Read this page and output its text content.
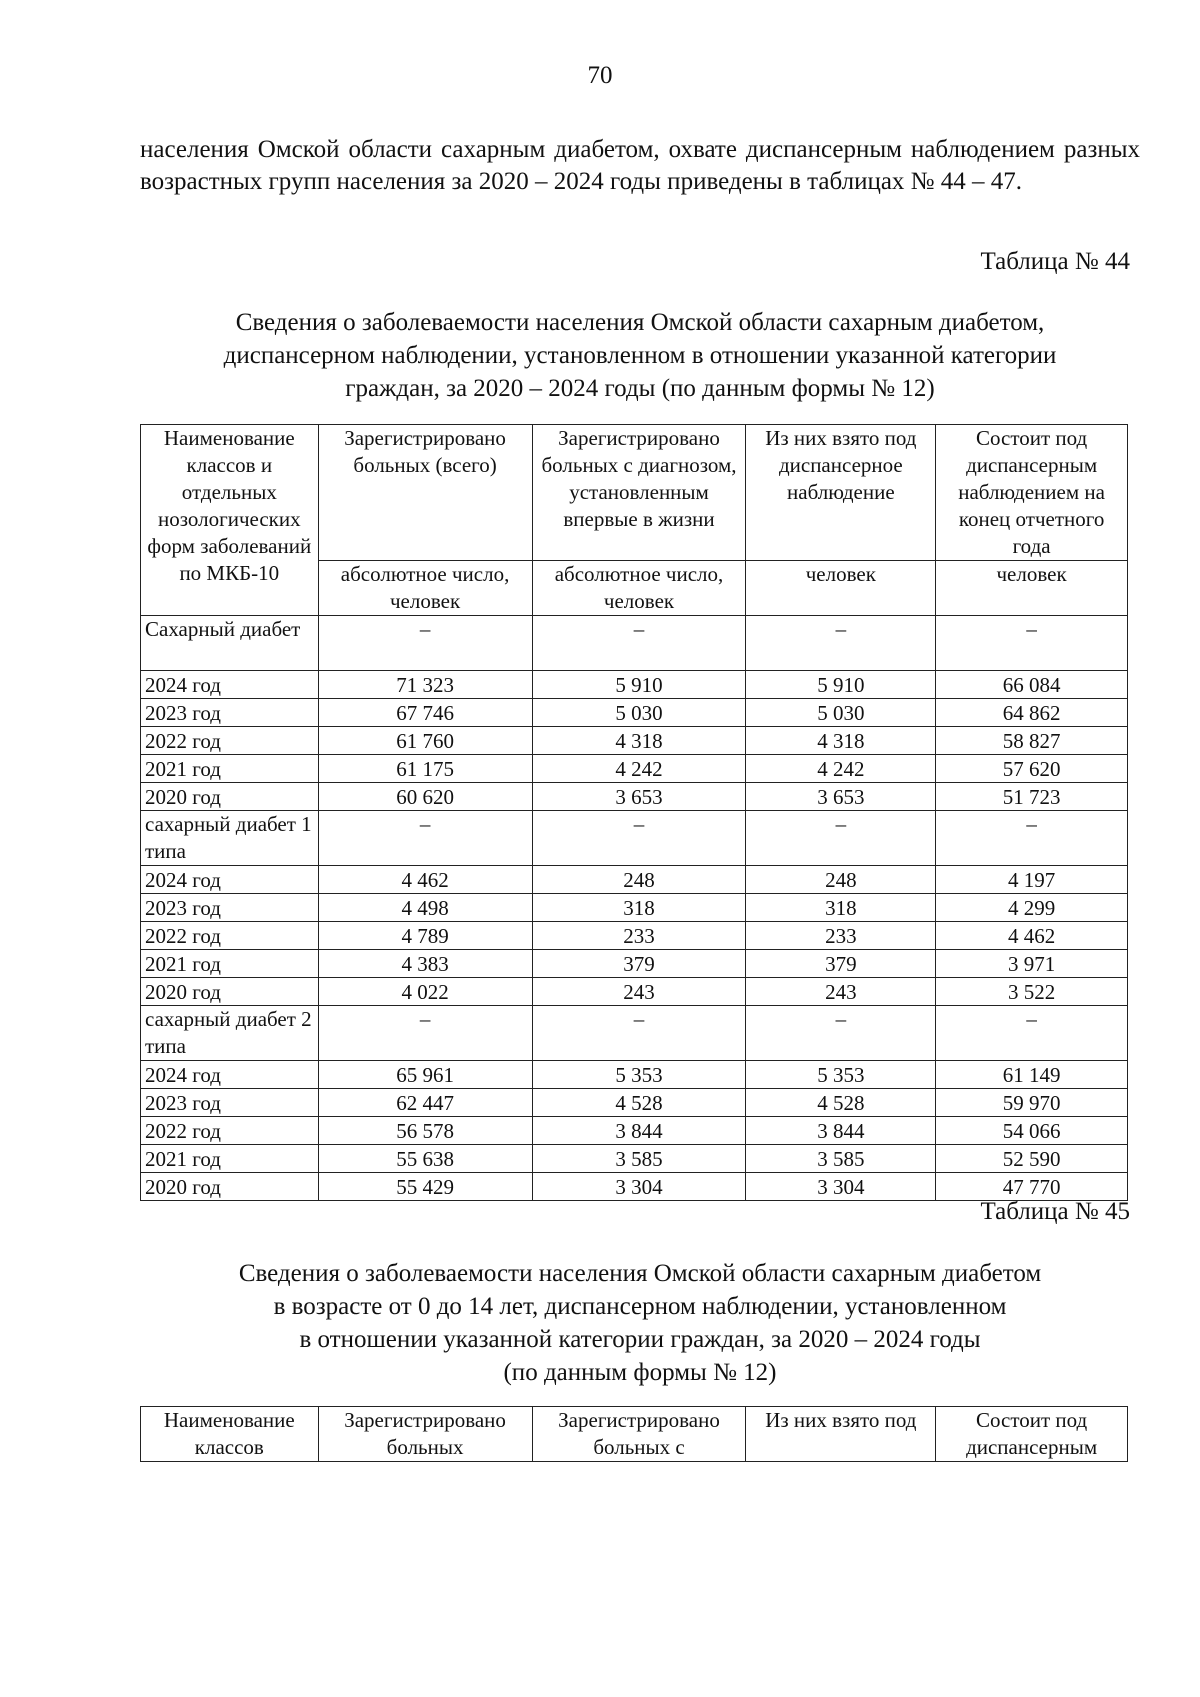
70

населения Омской области сахарным диабетом, охвате диспансерным наблюдением разных возрастных групп населения за 2020 – 2024 годы приведены в таблицах № 44 – 47.

Таблица № 44
Сведения о заболеваемости населения Омской области сахарным диабетом,
диспансерном наблюдении, установленном в отношении указанной категории
граждан, за 2020 – 2024 годы (по данным формы № 12)
Наименование классов и отдельных нозологических форм заболеваний по МКБ-10	Зарегистрировано больных (всего)	Зарегистрировано больных с диагнозом, установленным впервые в жизни	Из них взято под диспансерное наблюдение	Состоит под диспансерным наблюдением на конец отчетного года
	абсолютное число, человек	абсолютное число, человек	человек	человек
Сахарный диабет	–	–	–	–
2024 год	71 323	5 910	5 910	66 084
2023 год	67 746	5 030	5 030	64 862
2022 год	61 760	4 318	4 318	58 827
2021 год	61 175	4 242	4 242	57 620
2020 год	60 620	3 653	3 653	51 723
сахарный диабет 1 типа	–	–	–	–
2024 год	4 462	248	248	4 197
2023 год	4 498	318	318	4 299
2022 год	4 789	233	233	4 462
2021 год	4 383	379	379	3 971
2020 год	4 022	243	243	3 522
сахарный диабет 2 типа	–	–	–	–
2024 год	65 961	5 353	5 353	61 149
2023 год	62 447	4 528	4 528	59 970
2022 год	56 578	3 844	3 844	54 066
2021 год	55 638	3 585	3 585	52 590
2020 год	55 429	3 304	3 304	47 770
Таблица № 45
Сведения о заболеваемости населения Омской области сахарным диабетом
в возрасте от 0 до 14 лет, диспансерном наблюдении, установленном
в отношении указанной категории граждан, за 2020 – 2024 годы
(по данным формы № 12)
Наименование классов	Зарегистрировано больных	Зарегистрировано больных с	Из них взято под	Состоит под диспансерным
